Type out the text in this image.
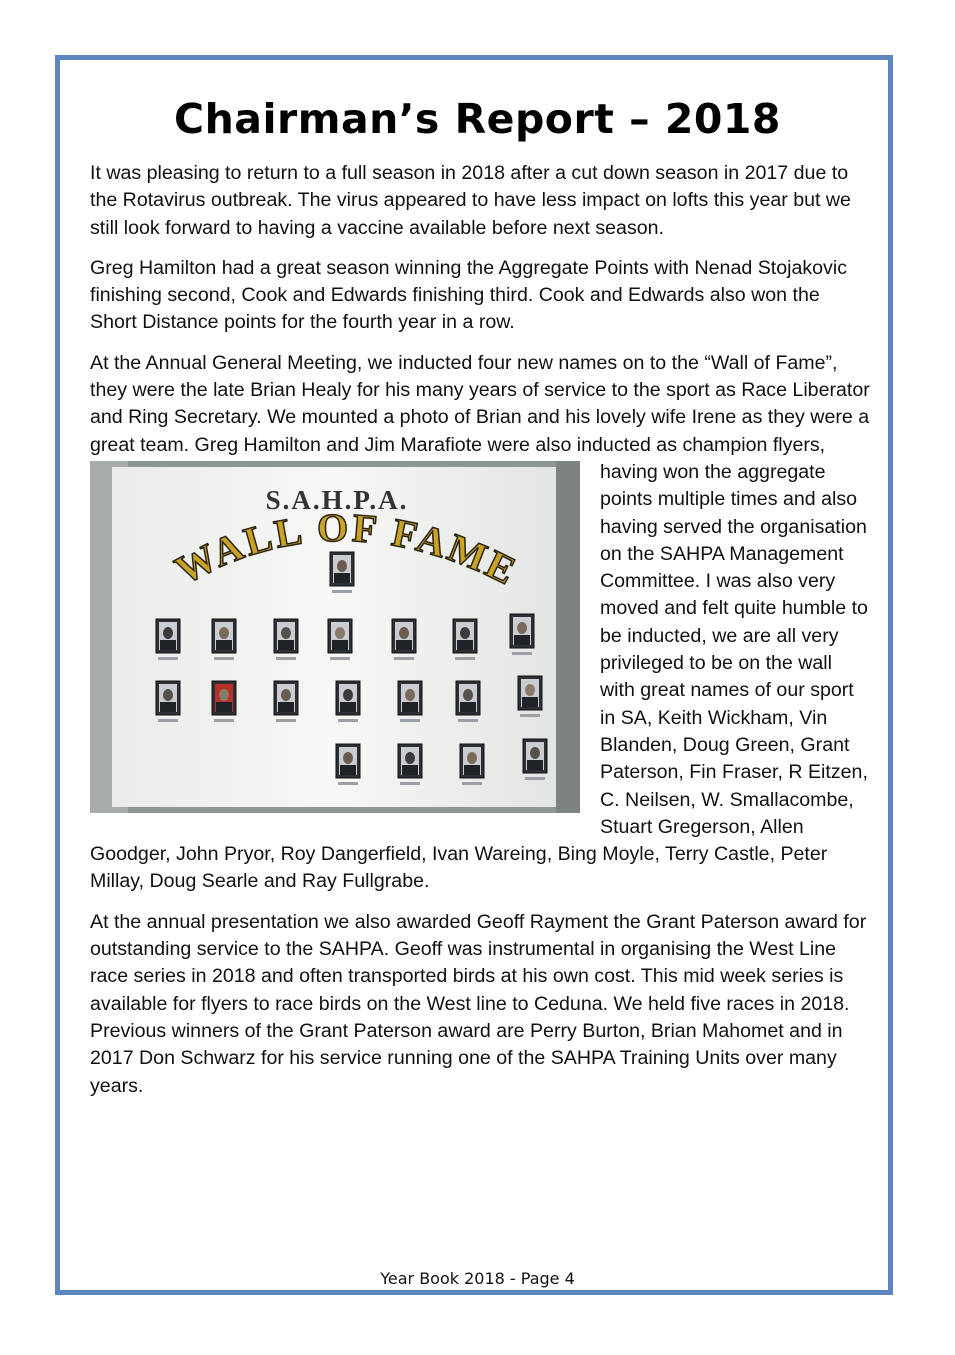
Chairman’s Report – 2018

It was pleasing to return to a full season in 2018 after a cut down season in 2017 due to the Rotavirus outbreak. The virus appeared to have less impact on lofts this year but we still look forward to having a vaccine available before next season.

Greg Hamilton had a great season winning the Aggregate Points with Nenad Stojakovic finishing second, Cook and Edwards finishing third. Cook and Edwards also won the Short Distance points for the fourth year in a row.

At the Annual General Meeting, we inducted four new names on to the “Wall of Fame”, they were the late Brian Healy for his many years of service to the sport as Race Liberator and Ring Secretary. We mounted a photo of Brian and his lovely wife Irene as they were a great team. Greg Hamilton and Jim Marafiote were also inducted as champion flyers,

S.A.H.P.A.
WALL OF FAME

having won the aggregate points multiple times and also having served the organisation on the SAHPA Management Committee. I was also very moved and felt quite humble to be inducted, we are all very privileged to be on the wall with great names of our sport in SA, Keith Wickham, Vin Blanden, Doug Green, Grant Paterson, Fin Fraser, R Eitzen, C. Neilsen, W. Smallacombe, Stuart Gregerson, Allen Goodger, John Pryor, Roy Dangerfield, Ivan Wareing, Bing Moyle, Terry Castle, Peter Millay, Doug Searle and Ray Fullgrabe.

At the annual presentation we also awarded Geoff Rayment the Grant Paterson award for outstanding service to the SAHPA. Geoff was instrumental in organising the West Line race series in 2018 and often transported birds at his own cost. This mid week series is available for flyers to race birds on the West line to Ceduna. We held five races in 2018. Previous winners of the Grant Paterson award are Perry Burton, Brian Mahomet and in 2017 Don Schwarz for his service running one of the SAHPA Training Units over many years.

Year Book 2018 - Page 4
